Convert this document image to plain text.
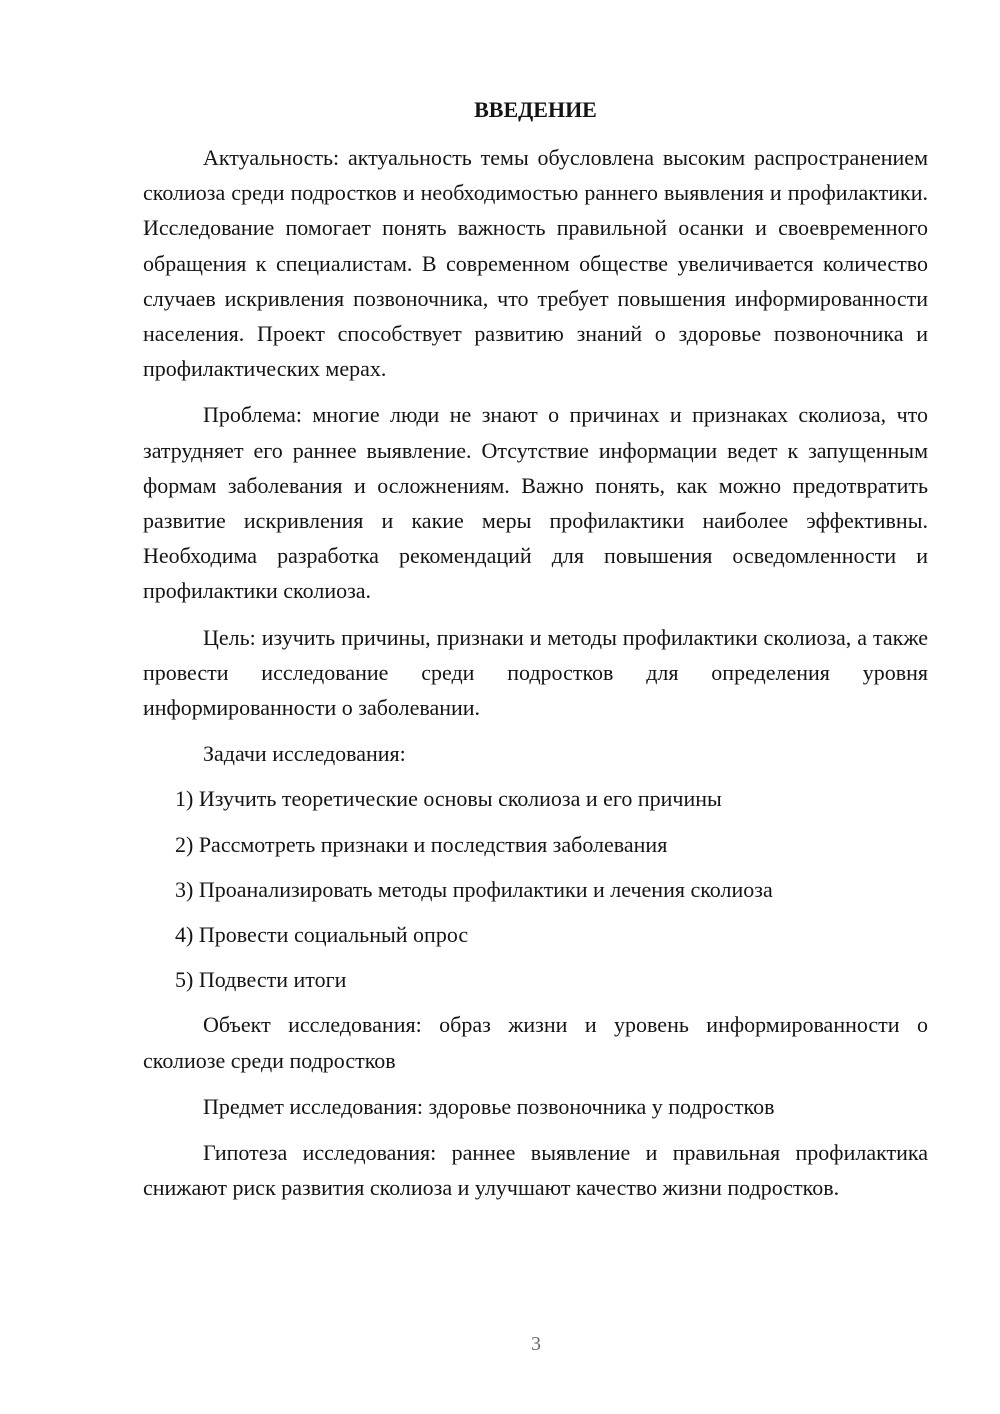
ВВЕДЕНИЕ

Актуальность: актуальность темы обусловлена высоким распространением сколиоза среди подростков и необходимостью раннего выявления и профилактики. Исследование помогает понять важность правильной осанки и своевременного обращения к специалистам. В современном обществе увеличивается количество случаев искривления позвоночника, что требует повышения информированности населения. Проект способствует развитию знаний о здоровье позвоночника и профилактических мерах.

Проблема: многие люди не знают о причинах и признаках сколиоза, что затрудняет его раннее выявление. Отсутствие информации ведет к запущенным формам заболевания и осложнениям. Важно понять, как можно предотвратить развитие искривления и какие меры профилактики наиболее эффективны. Необходима разработка рекомендаций для повышения осведомленности и профилактики сколиоза.

Цель: изучить причины, признаки и методы профилактики сколиоза, а также провести исследование среди подростков для определения уровня информированности о заболевании.

Задачи исследования:

1) Изучить теоретические основы сколиоза и его причины
2) Рассмотреть признаки и последствия заболевания
3) Проанализировать методы профилактики и лечения сколиоза
4) Провести социальный опрос
5) Подвести итоги

Объект исследования: образ жизни и уровень информированности о сколиозе среди подростков

Предмет исследования: здоровье позвоночника у подростков

Гипотеза исследования: раннее выявление и правильная профилактика снижают риск развития сколиоза и улучшают качество жизни подростков.

3
